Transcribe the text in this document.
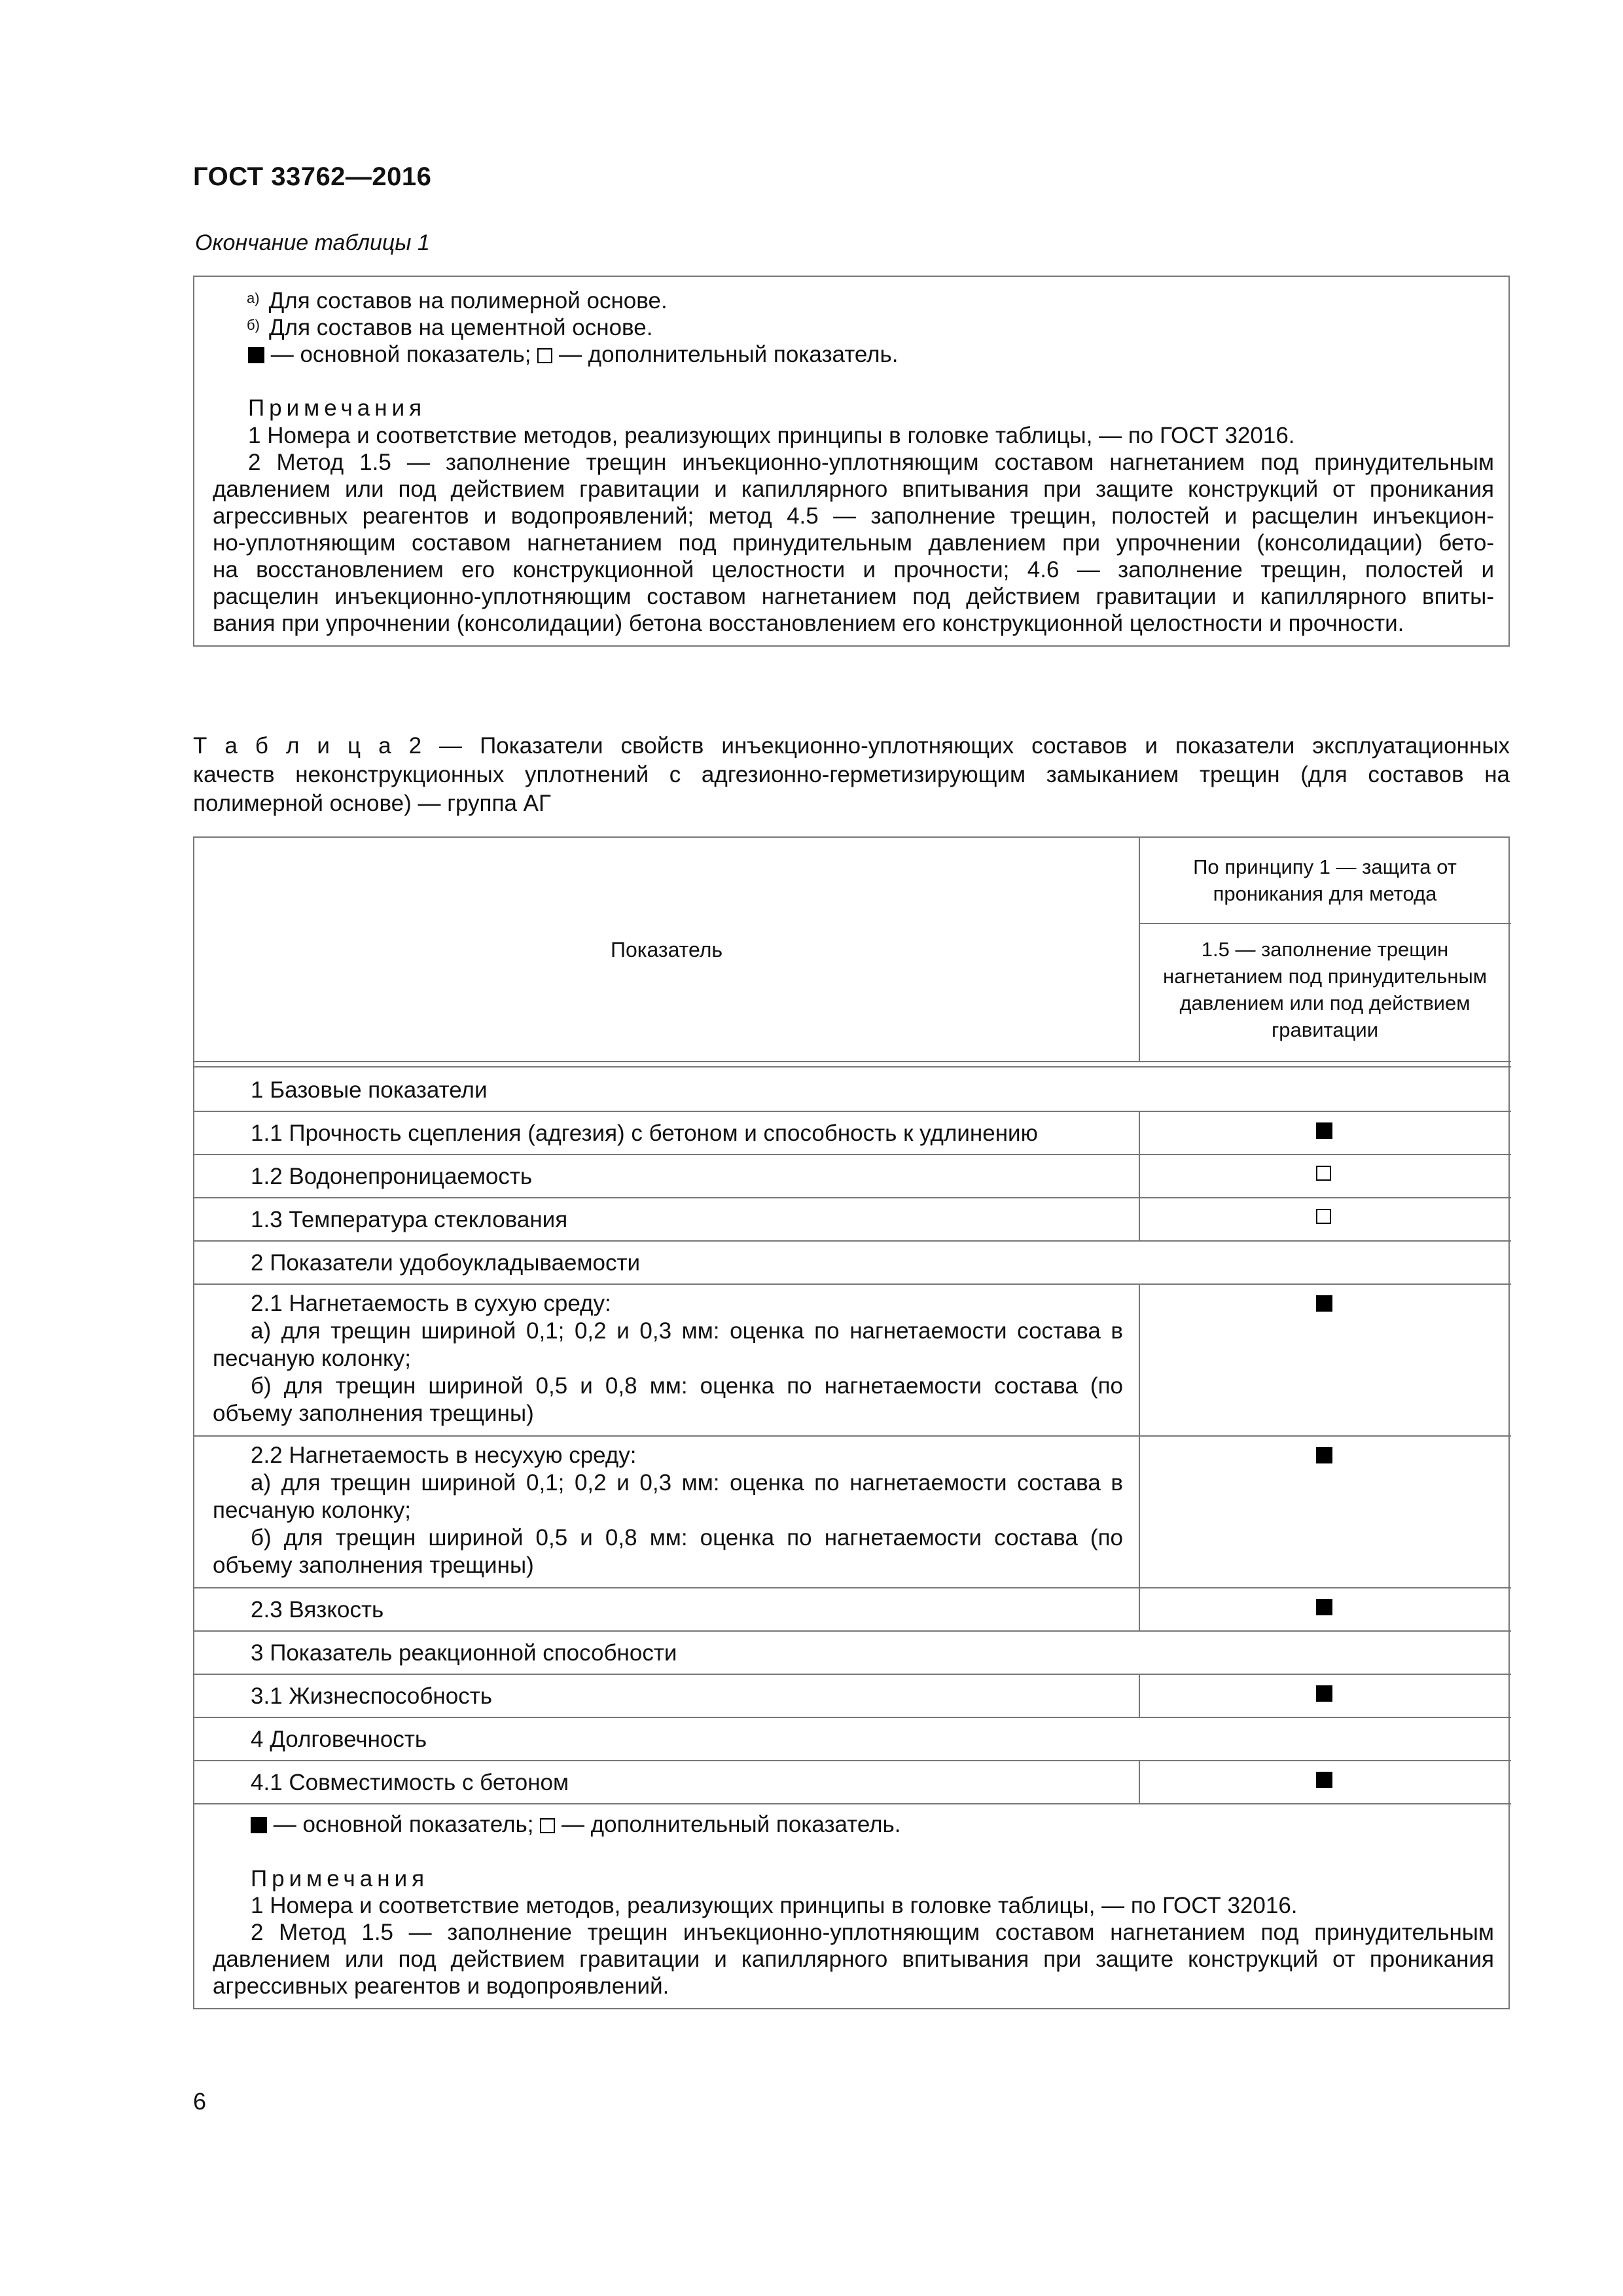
ГОСТ 33762—2016
Окончание таблицы 1
$^{а)}$ Для составов на полимерной основе.
$^{б)}$ Для составов на цементной основе.
— основной показатель;  — дополнительный показатель.
Примечания
1 Номера и соответствие методов, реализующих принципы в головке таблицы, — по ГОСТ 32016.
2 Метод 1.5 — заполнение трещин инъекционно-уплотняющим составом нагнетанием под принудительным
давлением или под действием гравитации и капиллярного впитывания при защите конструкций от проникания
агрессивных реагентов и водопроявлений; метод 4.5 — заполнение трещин, полостей и расщелин инъекцион-
но-уплотняющим составом нагнетанием под принудительным давлением при упрочнении (консолидации) бето-
на восстановлением его конструкционной целостности и прочности; 4.6 — заполнение трещин, полостей и
расщелин инъекционно-уплотняющим составом нагнетанием под действием гравитации и капиллярного впиты-
вания при упрочнении (консолидации) бетона восстановлением его конструкционной целостности и прочности.
Т а б л и ц а 2 — Показатели свойств инъекционно-уплотняющих составов и показатели эксплуатационных
качеств неконструкционных уплотнений с адгезионно-герметизирующим замыканием трещин (для составов на
полимерной основе) — группа АГ
Показатель
По принципу 1 — защита от
проникания для метода
1.5 — заполнение трещин
нагнетанием под принудительным
давлением или под действием
гравитации
1 Базовые показатели
1.1 Прочность сцепления (адгезия) с бетоном и способность к удлинению
1.2 Водонепроницаемость
1.3 Температура стеклования
2 Показатели удобоукладываемости
2.1 Нагнетаемость в сухую среду:
а) для трещин шириной 0,1; 0,2 и 0,3 мм: оценка по нагнетаемости состава в
песчаную колонку;
б) для трещин шириной 0,5 и 0,8 мм: оценка по нагнетаемости состава (по
объему заполнения трещины)
2.2 Нагнетаемость в несухую среду:
а) для трещин шириной 0,1; 0,2 и 0,3 мм: оценка по нагнетаемости состава в
песчаную колонку;
б) для трещин шириной 0,5 и 0,8 мм: оценка по нагнетаемости состава (по
объему заполнения трещины)
2.3 Вязкость
3 Показатель реакционной способности
3.1 Жизнеспособность
4 Долговечность
4.1 Совместимость с бетоном
— основной показатель;  — дополнительный показатель.
Примечания
1 Номера и соответствие методов, реализующих принципы в головке таблицы, — по ГОСТ 32016.
2 Метод 1.5 — заполнение трещин инъекционно-уплотняющим составом нагнетанием под принудительным
давлением или под действием гравитации и капиллярного впитывания при защите конструкций от проникания
агрессивных реагентов и водопроявлений.
6
